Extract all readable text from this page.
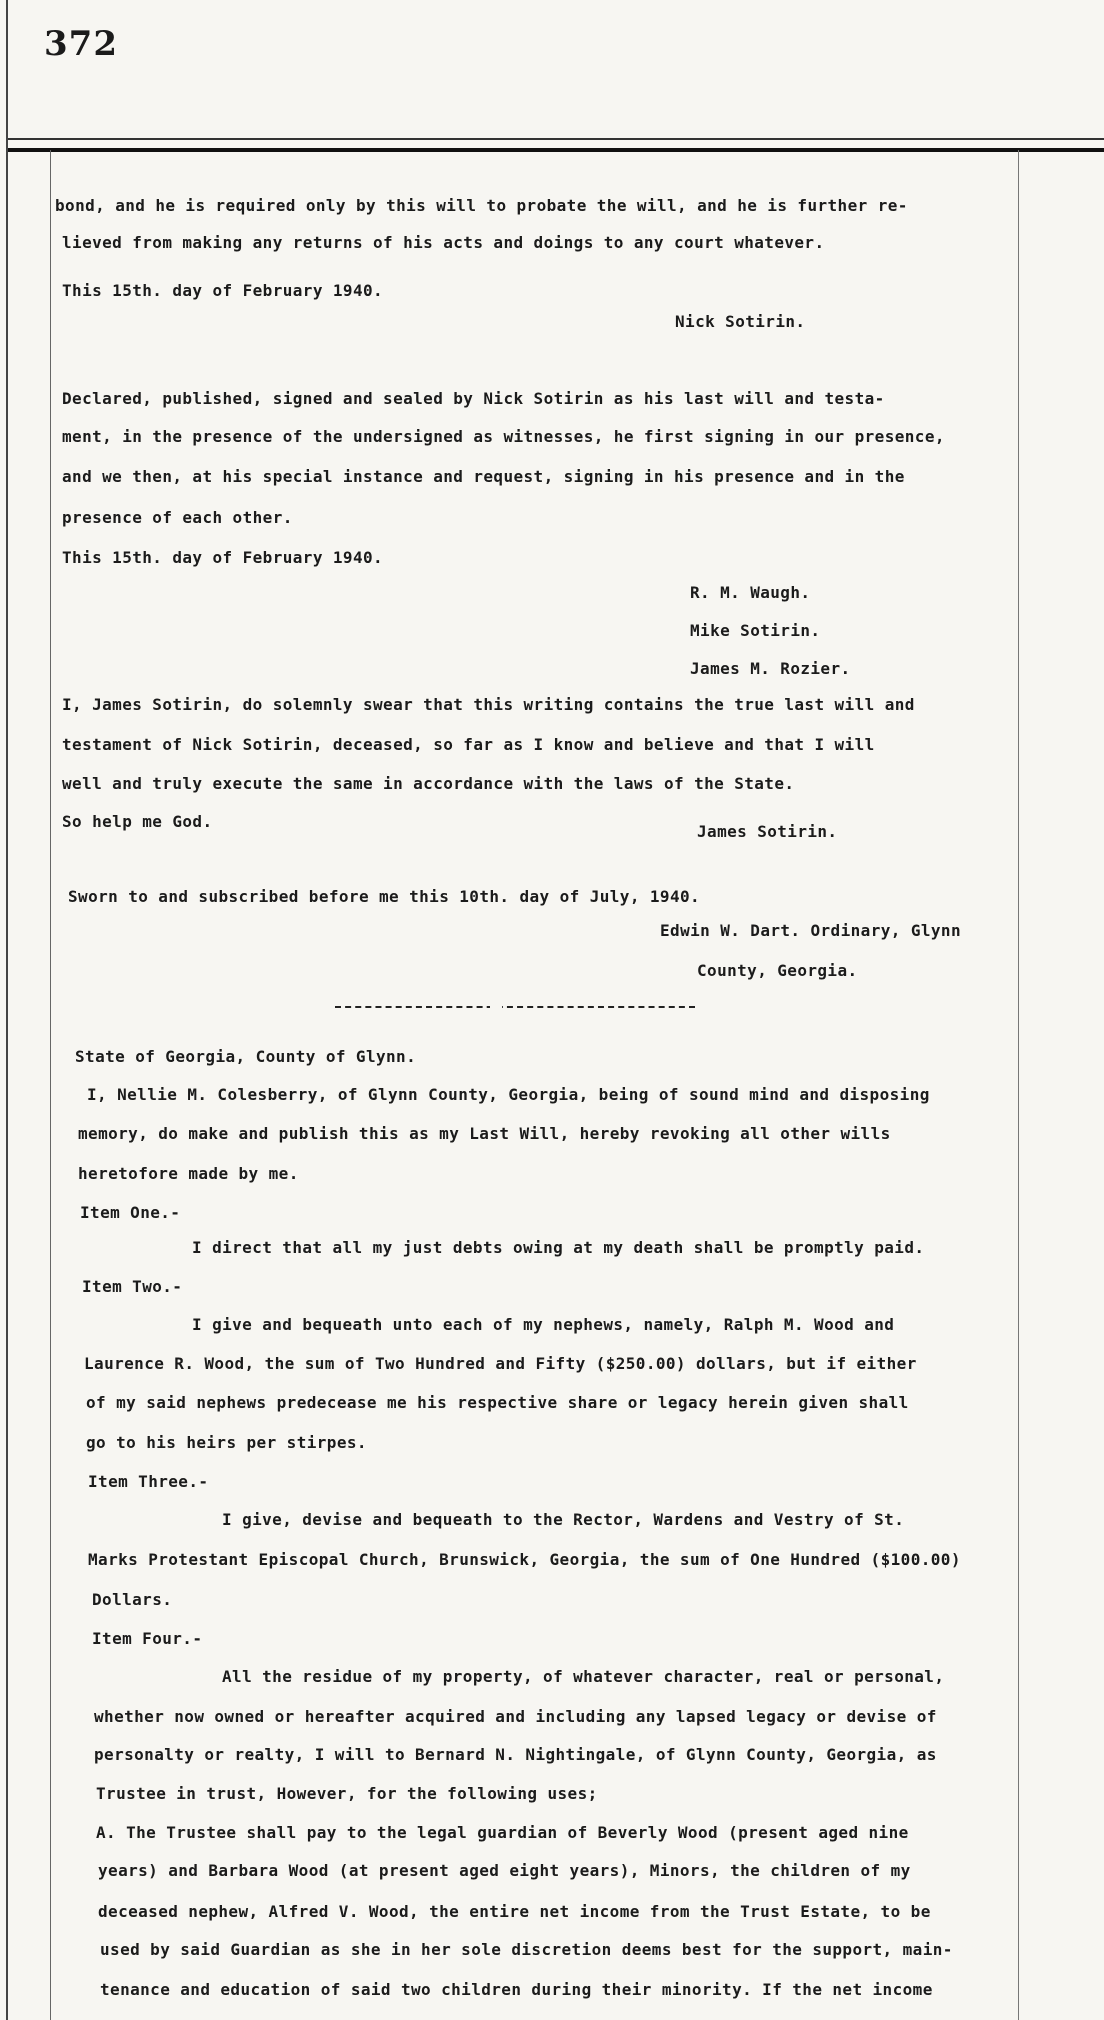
372
bond, and he is required only by this will to probate the will, and he is further re-
lieved from making any returns of his acts and doings to any court whatever.
This 15th. day of February 1940.
Nick Sotirin.
Declared, published, signed and sealed by Nick Sotirin as his last will and testa-
ment, in the presence of the undersigned as witnesses, he first signing in our presence,
and we then, at his special instance and request, signing in his presence and in the
presence of each other.
This 15th. day of February 1940.
R. M. Waugh.
Mike Sotirin.
James M. Rozier.
I, James Sotirin, do solemnly swear that this writing contains the true last will and
testament of Nick Sotirin, deceased, so far as I know and believe and that I will
well and truly execute the same in accordance with the laws of the State.
So help me God.
James Sotirin.
Sworn to and subscribed before me this 10th. day of July, 1940.
Edwin W. Dart. Ordinary, Glynn
County, Georgia.
State of Georgia, County of Glynn.
I, Nellie M. Colesberry, of Glynn County, Georgia, being of sound mind and disposing
memory, do make and publish this as my Last Will, hereby revoking all other wills
heretofore made by me.
Item One.-
I direct that all my just debts owing at my death shall be promptly paid.
Item Two.-
I give and bequeath unto each of my nephews, namely, Ralph M. Wood and
Laurence R. Wood, the sum of Two Hundred and Fifty ($250.00) dollars, but if either
of my said nephews predecease me his respective share or legacy herein given shall
go to his heirs per stirpes.
Item Three.-
I give, devise and bequeath to the Rector, Wardens and Vestry of St.
Marks Protestant Episcopal Church, Brunswick, Georgia, the sum of One Hundred ($100.00)
Dollars.
Item Four.-
All the residue of my property, of whatever character, real or personal,
whether now owned or hereafter acquired and including any lapsed legacy or devise of
personalty or realty, I will to Bernard N. Nightingale, of Glynn County, Georgia, as
Trustee in trust, However, for the following uses;
A. The Trustee shall pay to the legal guardian of Beverly Wood (present aged nine
years) and Barbara Wood (at present aged eight years), Minors, the children of my
deceased nephew, Alfred V. Wood, the entire net income from the Trust Estate, to be
used by said Guardian as she in her sole discretion deems best for the support, main-
tenance and education of said two children during their minority. If the net income
